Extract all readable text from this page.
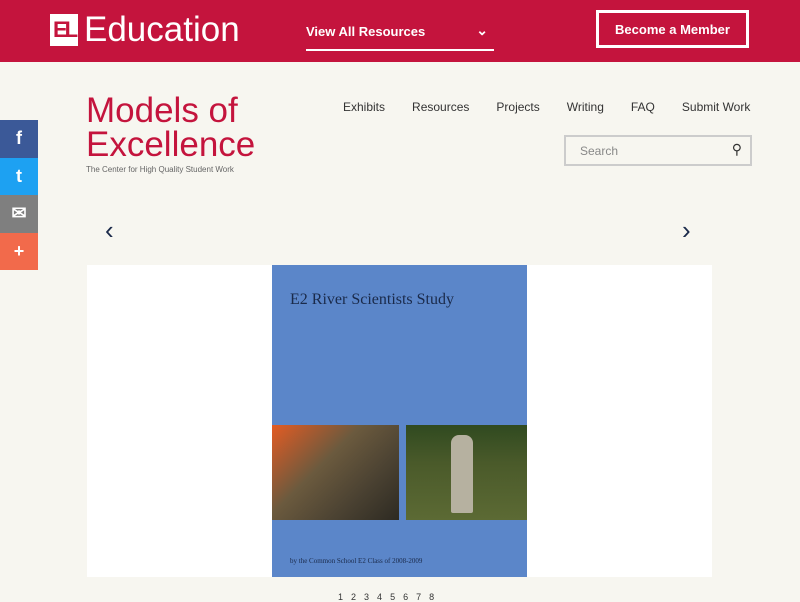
EL Education	View All Resources	⌄	Become a Member
Models of
Excellence
The Center for High Quality Student Work
Exhibits Resources Projects Writing FAQ Submit Work
Search	⚲
f
t
✉
+
‹	›
E2 River Scientists Study
by the Common School E2 Class of 2008-2009
1 2 3 4 5 6 7 8
